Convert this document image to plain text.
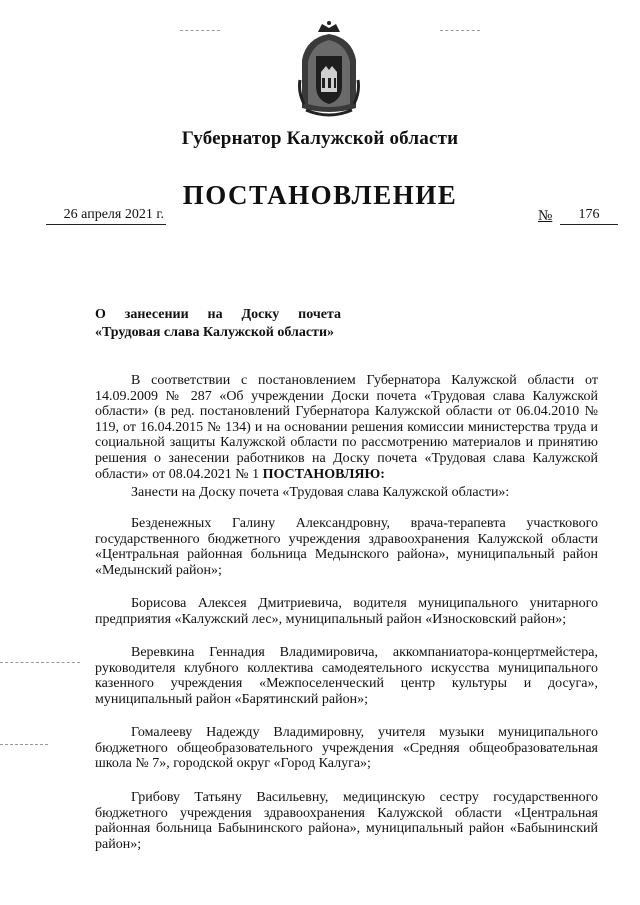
Губернатор Калужской области
ПОСТАНОВЛЕНИЕ
26 апреля 2021 г.	№	176
О занесении на Доску почета
«Трудовая слава Калужской области»
В соответствии с постановлением Губернатора Калужской области от 14.09.2009 № 287 «Об учреждении Доски почета «Трудовая слава Калужской области» (в ред. постановлений Губернатора Калужской области от 06.04.2010 № 119, от 16.04.2015 № 134) и на основании решения комиссии министерства труда и социальной защиты Калужской области по рассмотрению материалов и принятию решения о занесении работников на Доску почета «Трудовая слава Калужской области» от 08.04.2021 № 1 ПОСТАНОВЛЯЮ:
Занести на Доску почета «Трудовая слава Калужской области»:
Безденежных Галину Александровну, врача-терапевта участкового государственного бюджетного учреждения здравоохранения Калужской области «Центральная районная больница Медынского района», муниципальный район «Медынский район»;
Борисова Алексея Дмитриевича, водителя муниципального унитарного предприятия «Калужский лес», муниципальный район «Износковский район»;
Веревкина Геннадия Владимировича, аккомпаниатора-концертмейстера, руководителя клубного коллектива самодеятельного искусства муниципального казенного учреждения «Межпоселенческий центр культуры и досуга», муниципальный район «Барятинский район»;
Гомалееву Надежду Владимировну, учителя музыки муниципального бюджетного общеобразовательного учреждения «Средняя общеобразовательная школа № 7», городской округ «Город Калуга»;
Грибову Татьяну Васильевну, медицинскую сестру государственного бюджетного учреждения здравоохранения Калужской области «Центральная районная больница Бабынинского района», муниципальный район «Бабынинский район»;
